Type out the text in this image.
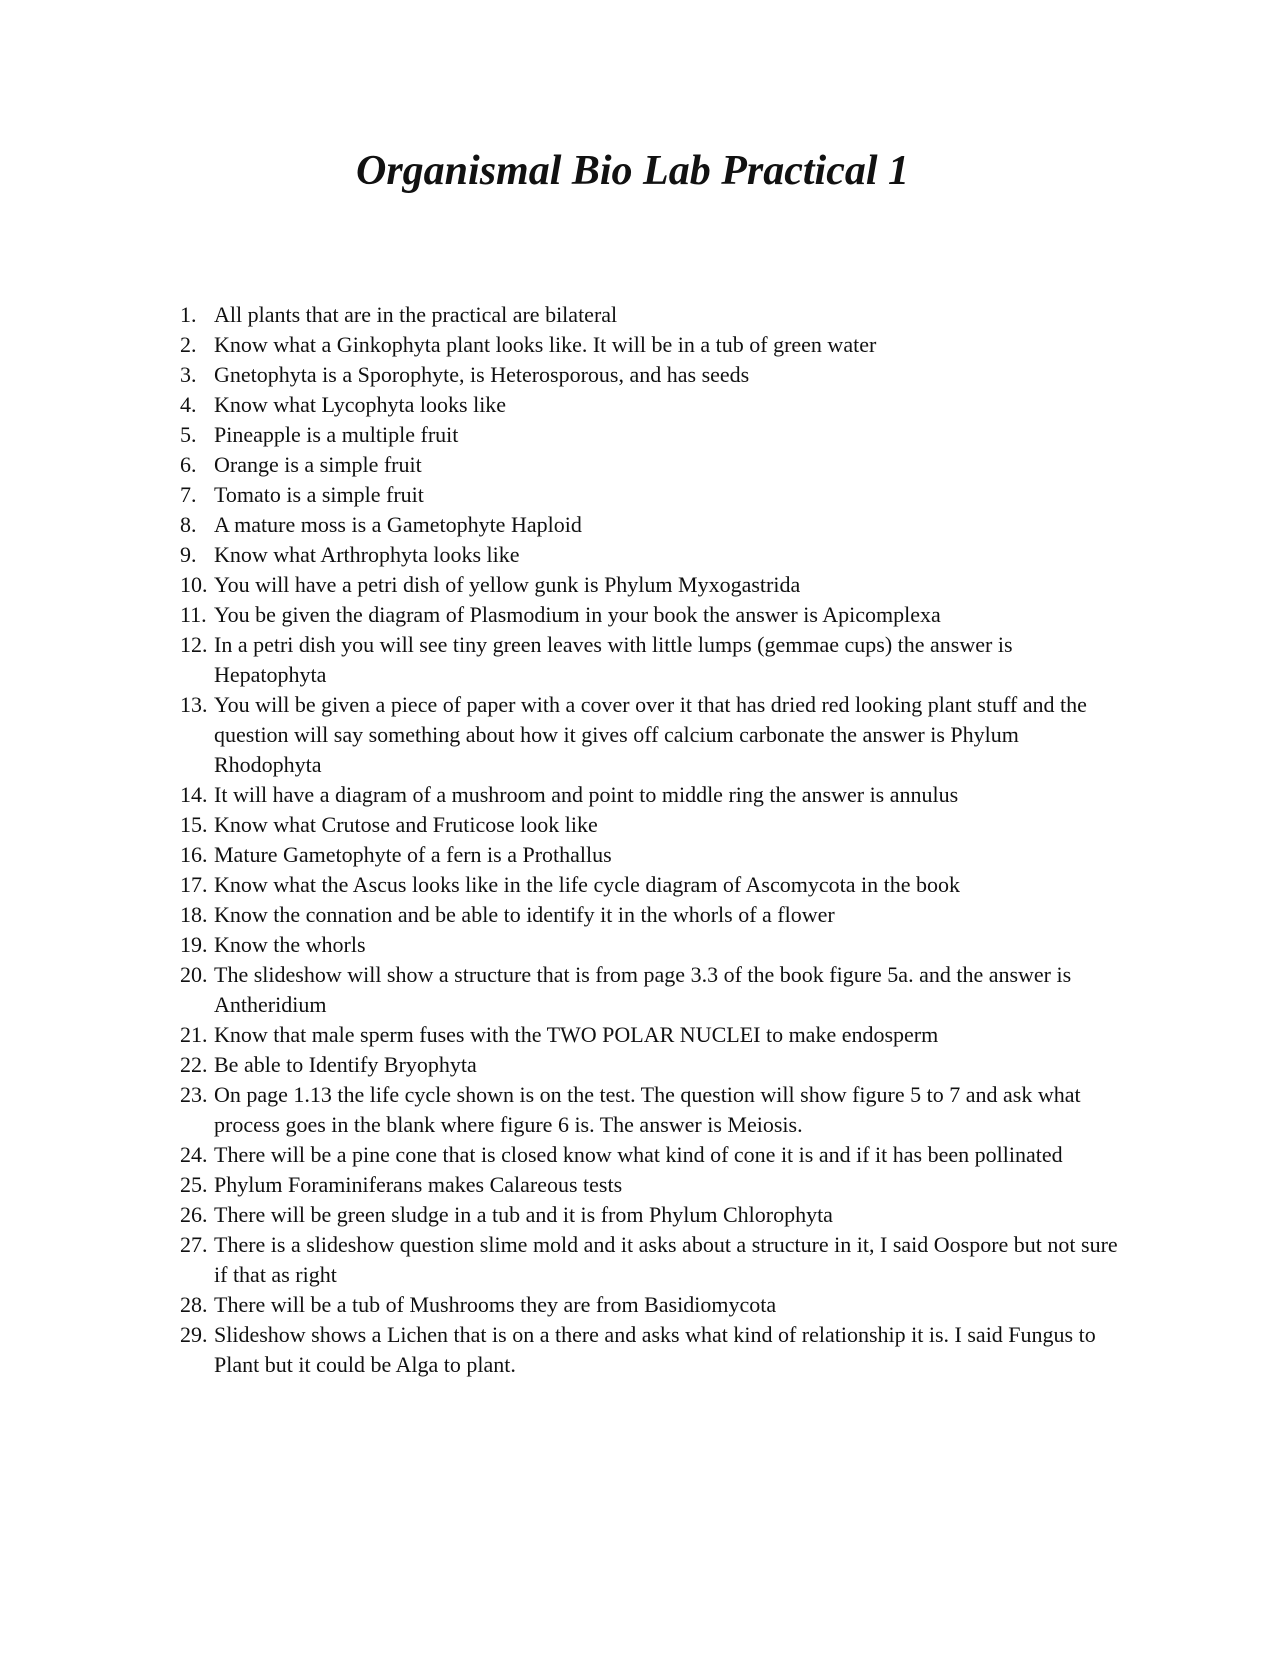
Organismal Bio Lab Practical 1
1. All plants that are in the practical are bilateral
2. Know what a Ginkophyta plant looks like. It will be in a tub of green water
3. Gnetophyta is a Sporophyte, is Heterosporous, and has seeds
4. Know what Lycophyta looks like
5. Pineapple is a multiple fruit
6. Orange is a simple fruit
7. Tomato is a simple fruit
8. A mature moss is a Gametophyte Haploid
9. Know what Arthrophyta looks like
10. You will have a petri dish of yellow gunk is Phylum Myxogastrida
11. You be given the diagram of Plasmodium in your book the answer is Apicomplexa
12. In a petri dish you will see tiny green leaves with little lumps (gemmae cups) the answer is Hepatophyta
13. You will be given a piece of paper with a cover over it that has dried red looking plant stuff and the question will say something about how it gives off calcium carbonate the answer is Phylum Rhodophyta
14. It will have a diagram of a mushroom and point to middle ring the answer is annulus
15. Know what Crutose and Fruticose look like
16. Mature Gametophyte of a fern is a Prothallus
17. Know what the Ascus looks like in the life cycle diagram of Ascomycota in the book
18. Know the connation and be able to identify it in the whorls of a flower
19. Know the whorls
20. The slideshow will show a structure that is from page 3.3 of the book figure 5a. and the answer is Antheridium
21. Know that male sperm fuses with the TWO POLAR NUCLEI to make endosperm
22. Be able to Identify Bryophyta
23. On page 1.13 the life cycle shown is on the test. The question will show figure 5 to 7 and ask what process goes in the blank where figure 6 is. The answer is Meiosis.
24. There will be a pine cone that is closed know what kind of cone it is and if it has been pollinated
25. Phylum Foraminiferans makes Calareous tests
26. There will be green sludge in a tub and it is from Phylum Chlorophyta
27. There is a slideshow question slime mold and it asks about a structure in it, I said Oospore but not sure if that as right
28. There will be a tub of Mushrooms they are from Basidiomycota
29. Slideshow shows a Lichen that is on a there and asks what kind of relationship it is. I said Fungus to Plant but it could be Alga to plant.
